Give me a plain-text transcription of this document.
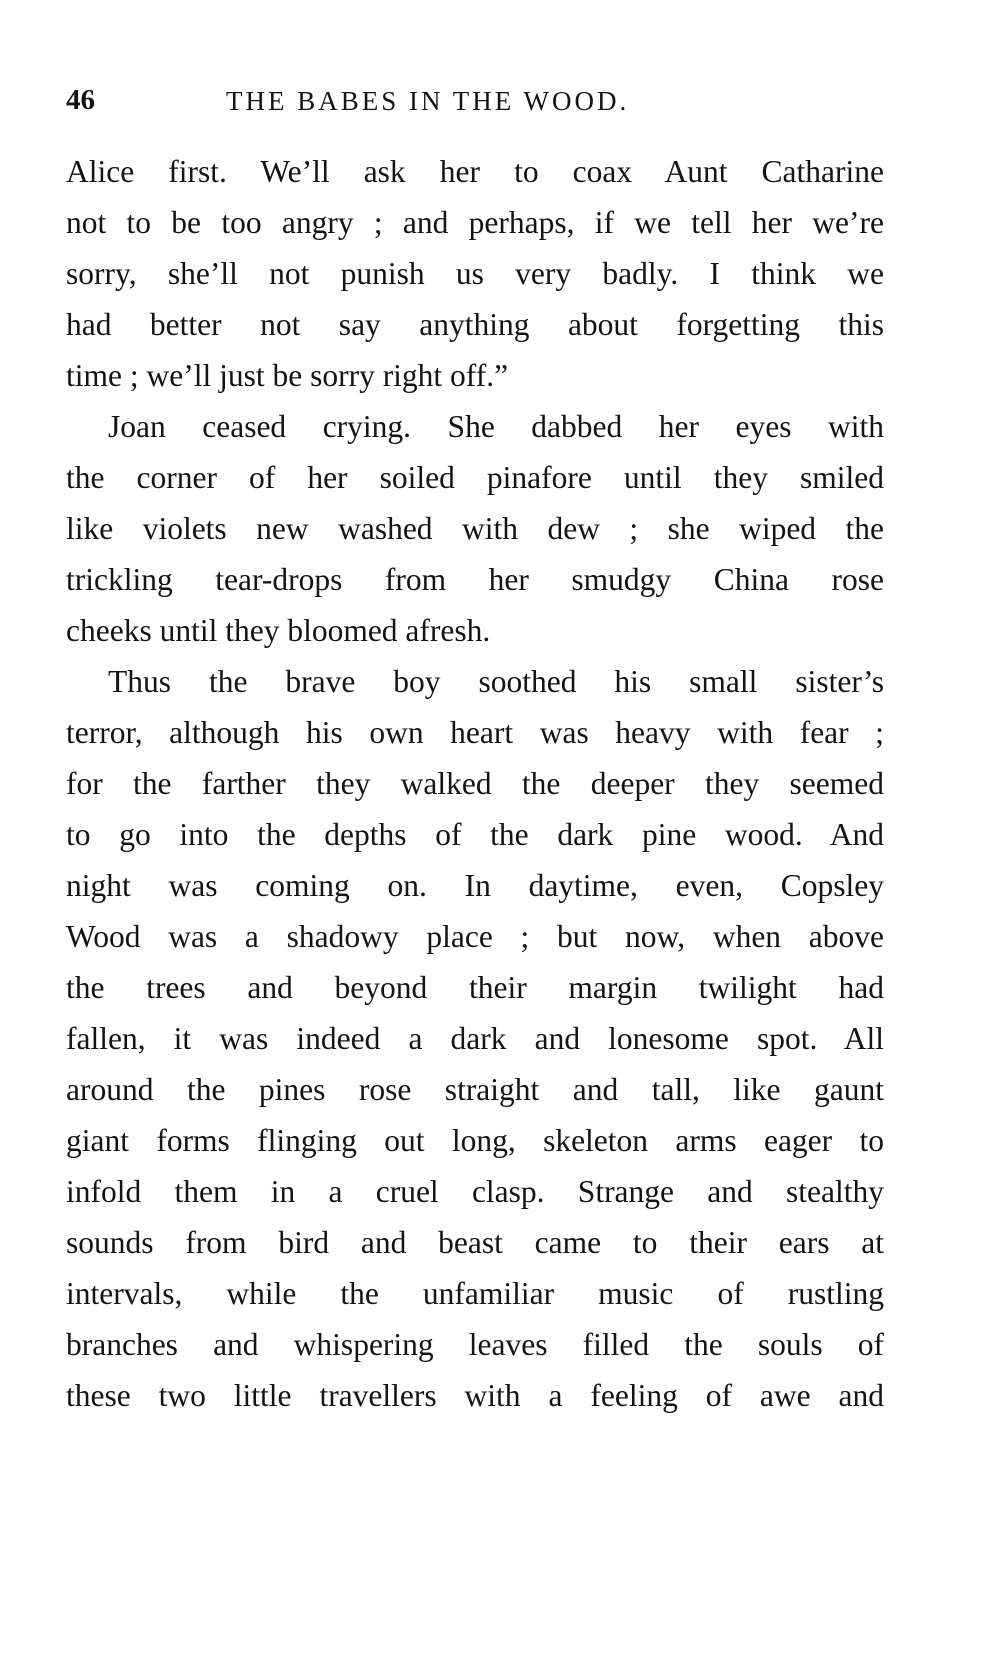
46	THE BABES IN THE WOOD.
Alice first. We’ll ask her to coax Aunt Catharine
not to be too angry ; and perhaps, if we tell her we’re
sorry, she’ll not punish us very badly. I think we
had better not say anything about forgetting this
time ; we’ll just be sorry right off.”
Joan ceased crying. She dabbed her eyes with
the corner of her soiled pinafore until they smiled
like violets new washed with dew ; she wiped the
trickling tear-drops from her smudgy China rose
cheeks until they bloomed afresh.
Thus the brave boy soothed his small sister’s
terror, although his own heart was heavy with fear ;
for the farther they walked the deeper they seemed
to go into the depths of the dark pine wood. And
night was coming on. In daytime, even, Copsley
Wood was a shadowy place ; but now, when above
the trees and beyond their margin twilight had
fallen, it was indeed a dark and lonesome spot. All
around the pines rose straight and tall, like gaunt
giant forms flinging out long, skeleton arms eager to
infold them in a cruel clasp. Strange and stealthy
sounds from bird and beast came to their ears at
intervals, while the unfamiliar music of rustling
branches and whispering leaves filled the souls of
these two little travellers with a feeling of awe and
